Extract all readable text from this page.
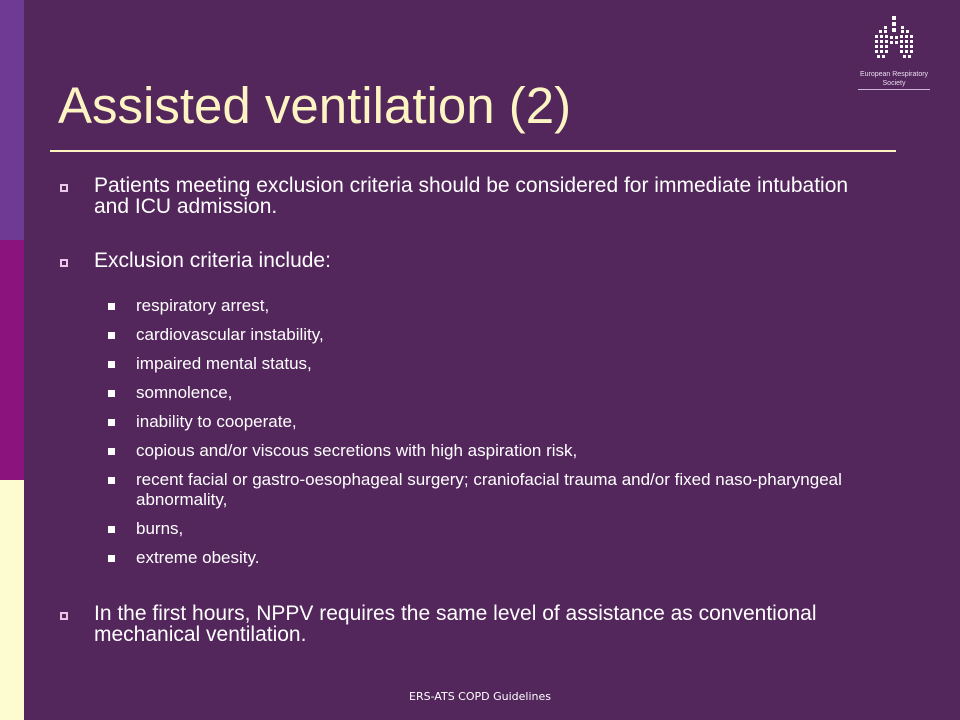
European Respiratory
Society
Assisted ventilation (2)
Patients meeting exclusion criteria should be considered for immediate intubation and ICU admission.
Exclusion criteria include:
respiratory arrest,
cardiovascular instability,
impaired mental status,
somnolence,
inability to cooperate,
copious and/or viscous secretions with high aspiration risk,
recent facial or gastro-oesophageal surgery; craniofacial trauma and/or fixed naso-pharyngeal abnormality,
burns,
extreme obesity.
In the first hours, NPPV requires the same level of assistance as conventional mechanical ventilation.
ERS-ATS COPD Guidelines
